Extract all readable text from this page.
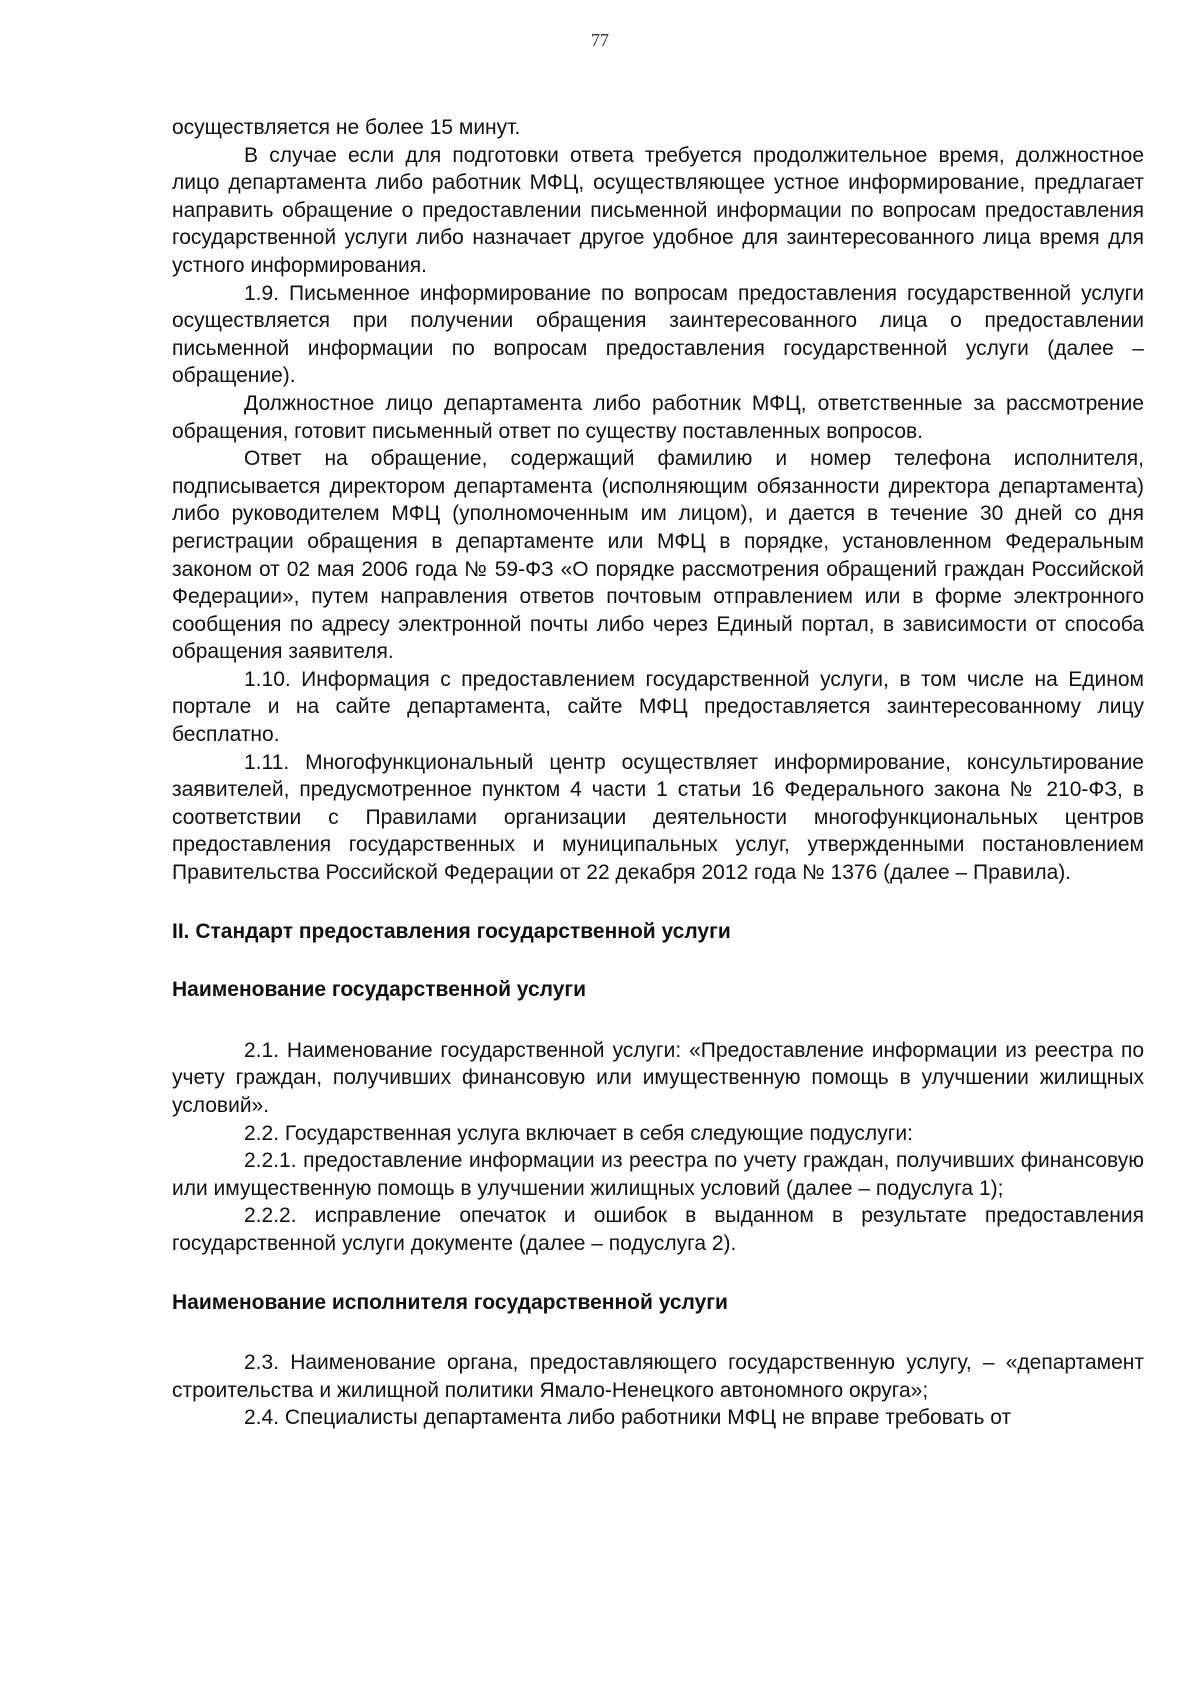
77

осуществляется не более 15 минут.

В случае если для подготовки ответа требуется продолжительное время, должностное лицо департамента либо работник МФЦ, осуществляющее устное информирование, предлагает направить обращение о предоставлении письменной информации по вопросам предоставления государственной услуги либо назначает другое удобное для заинтересованного лица время для устного информирования.

1.9. Письменное информирование по вопросам предоставления государственной услуги осуществляется при получении обращения заинтересованного лица о предоставлении письменной информации по вопросам предоставления государственной услуги (далее – обращение).

Должностное лицо департамента либо работник МФЦ, ответственные за рассмотрение обращения, готовит письменный ответ по существу поставленных вопросов.

Ответ на обращение, содержащий фамилию и номер телефона исполнителя, подписывается директором департамента (исполняющим обязанности директора департамента) либо руководителем МФЦ (уполномоченным им лицом), и дается в течение 30 дней со дня регистрации обращения в департаменте или МФЦ в порядке, установленном Федеральным законом от 02 мая 2006 года № 59-ФЗ «О порядке рассмотрения обращений граждан Российской Федерации», путем направления ответов почтовым отправлением или в форме электронного сообщения по адресу электронной почты либо через Единый портал, в зависимости от способа обращения заявителя.

1.10. Информация с предоставлением государственной услуги, в том числе на Едином портале и на сайте департамента, сайте МФЦ предоставляется заинтересованному лицу бесплатно.

1.11. Многофункциональный центр осуществляет информирование, консультирование заявителей, предусмотренное пунктом 4 части 1 статьи 16 Федерального закона № 210-ФЗ, в соответствии с Правилами организации деятельности многофункциональных центров предоставления государственных и муниципальных услуг, утвержденными постановлением Правительства Российской Федерации от 22 декабря 2012 года № 1376 (далее – Правила).

II. Стандарт предоставления государственной услуги

Наименование государственной услуги

2.1. Наименование государственной услуги: «Предоставление информации из реестра по учету граждан, получивших финансовую или имущественную помощь в улучшении жилищных условий».

2.2. Государственная услуга включает в себя следующие подуслуги:

2.2.1. предоставление информации из реестра по учету граждан, получивших финансовую или имущественную помощь в улучшении жилищных условий (далее – подуслуга 1);

2.2.2. исправление опечаток и ошибок в выданном в результате предоставления государственной услуги документе (далее – подуслуга 2).

Наименование исполнителя государственной услуги

2.3. Наименование органа, предоставляющего государственную услугу, – «департамент строительства и жилищной политики Ямало-Ненецкого автономного округа»;

2.4. Специалисты департамента либо работники МФЦ не вправе требовать от
